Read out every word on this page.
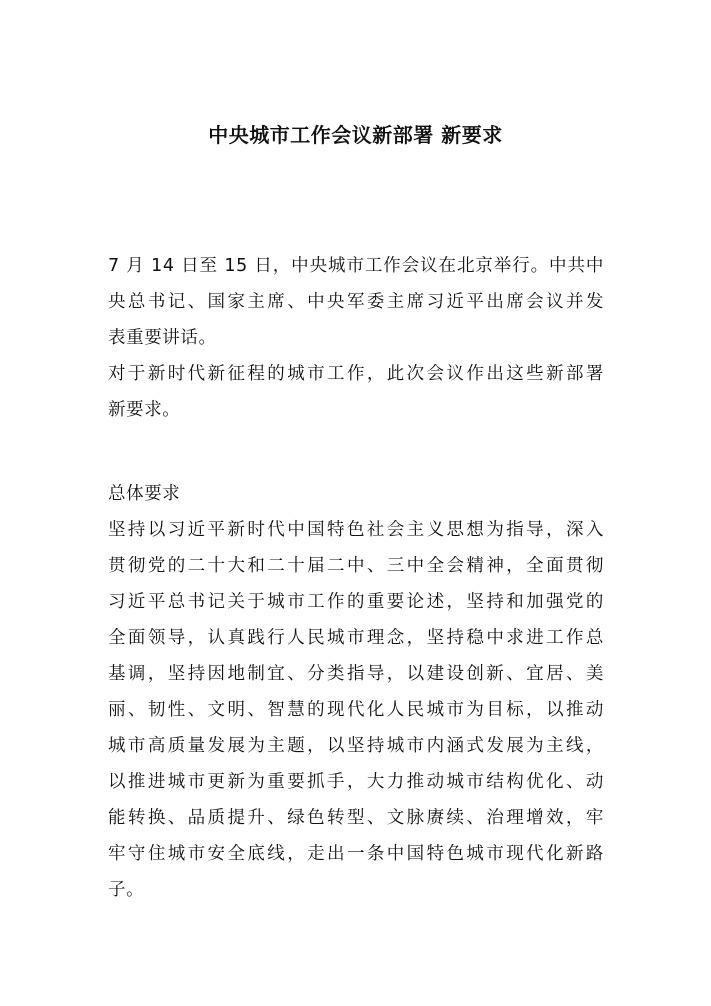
中央城市工作会议新部署 新要求
7 月 14 日至 15 日，中央城市工作会议在北京举行。中共中
央总书记、国家主席、中央军委主席习近平出席会议并发
表重要讲话。
对于新时代新征程的城市工作，此次会议作出这些新部署
新要求。
总体要求
坚持以习近平新时代中国特色社会主义思想为指导，深入
贯彻党的二十大和二十届二中、三中全会精神，全面贯彻
习近平总书记关于城市工作的重要论述，坚持和加强党的
全面领导，认真践行人民城市理念，坚持稳中求进工作总
基调，坚持因地制宜、分类指导，以建设创新、宜居、美
丽、韧性、文明、智慧的现代化人民城市为目标，以推动
城市高质量发展为主题，以坚持城市内涵式发展为主线，
以推进城市更新为重要抓手，大力推动城市结构优化、动
能转换、品质提升、绿色转型、文脉赓续、治理增效，牢
牢守住城市安全底线，走出一条中国特色城市现代化新路
子。
